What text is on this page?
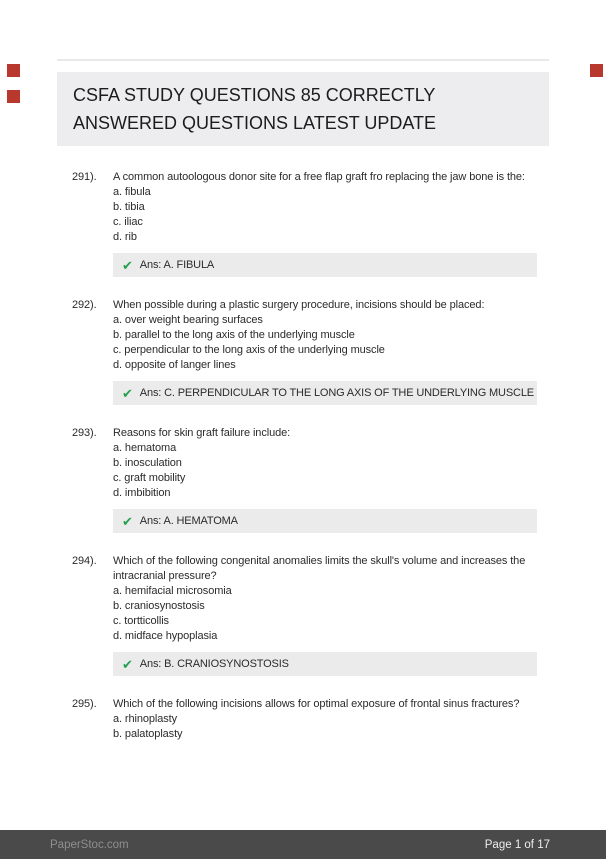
CSFA STUDY QUESTIONS 85 CORRECTLY
ANSWERED QUESTIONS LATEST UPDATE
291).	A common autoologous donor site for a free flap graft fro replacing the jaw bone is the:
a. fibula
b. tibia
c. iliac
d. rib
✔ Ans: A. FIBULA
292).	When possible during a plastic surgery procedure, incisions should be placed:
a. over weight bearing surfaces
b. parallel to the long axis of the underlying muscle
c. perpendicular to the long axis of the underlying muscle
d. opposite of langer lines
✔ Ans: C. PERPENDICULAR TO THE LONG AXIS OF THE UNDERLYING MUSCLE
293).	Reasons for skin graft failure include:
a. hematoma
b. inosculation
c. graft mobility
d. imbibition
✔ Ans: A. HEMATOMA
294).	Which of the following congenital anomalies limits the skull's volume and increases the
intracranial pressure?
a. hemifacial microsomia
b. craniosynostosis
c. tortticollis
d. midface hypoplasia
✔ Ans: B. CRANIOSYNOSTOSIS
295).	Which of the following incisions allows for optimal exposure of frontal sinus fractures?
a. rhinoplasty
b. palatoplasty
PaperStoc.com	Page 1 of 17
